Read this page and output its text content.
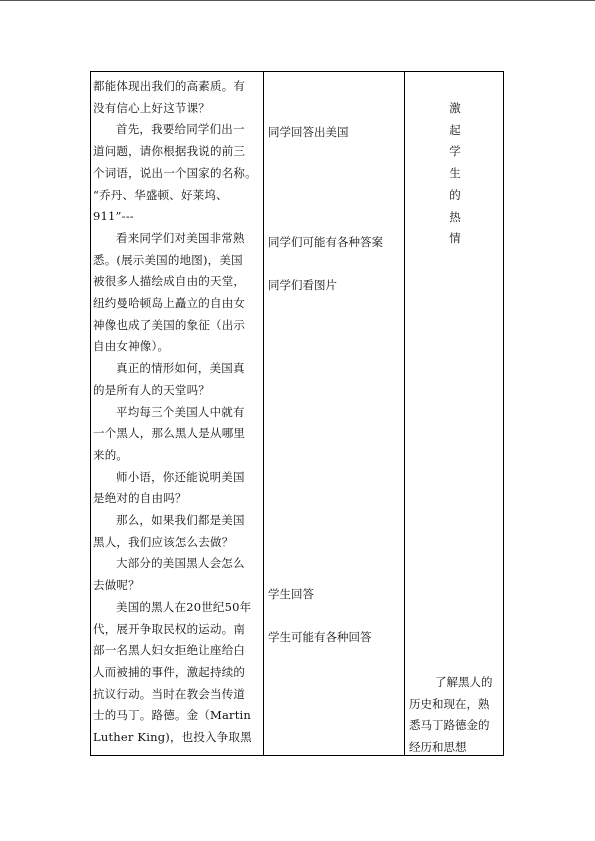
都能体现出我们的高素质。有

没有信心上好这节课？

首先，我要给同学们出一

道问题，请你根据我说的前三

个词语，说出一个国家的名称。

“乔丹、华盛顿、好莱坞、

911”---

看来同学们对美国非常熟

悉。(展示美国的地图)，美国

被很多人描绘成自由的天堂，

纽约曼哈顿岛上矗立的自由女

神像也成了美国的象征（出示

自由女神像）。

真正的情形如何，美国真

的是所有人的天堂吗？

平均每三个美国人中就有

一个黑人，那么黑人是从哪里

来的。

师小语，你还能说明美国

是绝对的自由吗？

那么，如果我们都是美国

黑人，我们应该怎么去做？

大部分的美国黑人会怎么

去做呢？

美国的黑人在20世纪50年

代，展开争取民权的运动。南

部一名黑人妇女拒绝让座给白

人而被捕的事件，激起持续的

抗议行动。当时在教会当传道

士的马丁。路德。金（Martin

Luther King)，也投入争取黑

同学回答出美国
同学们可能有各种答案
同学们看图片
学生回答
学生可能有各种回答
激
起
学
生
的
热
情

了解黑人的

历史和现在，熟

悉马丁路德金的

经历和思想
